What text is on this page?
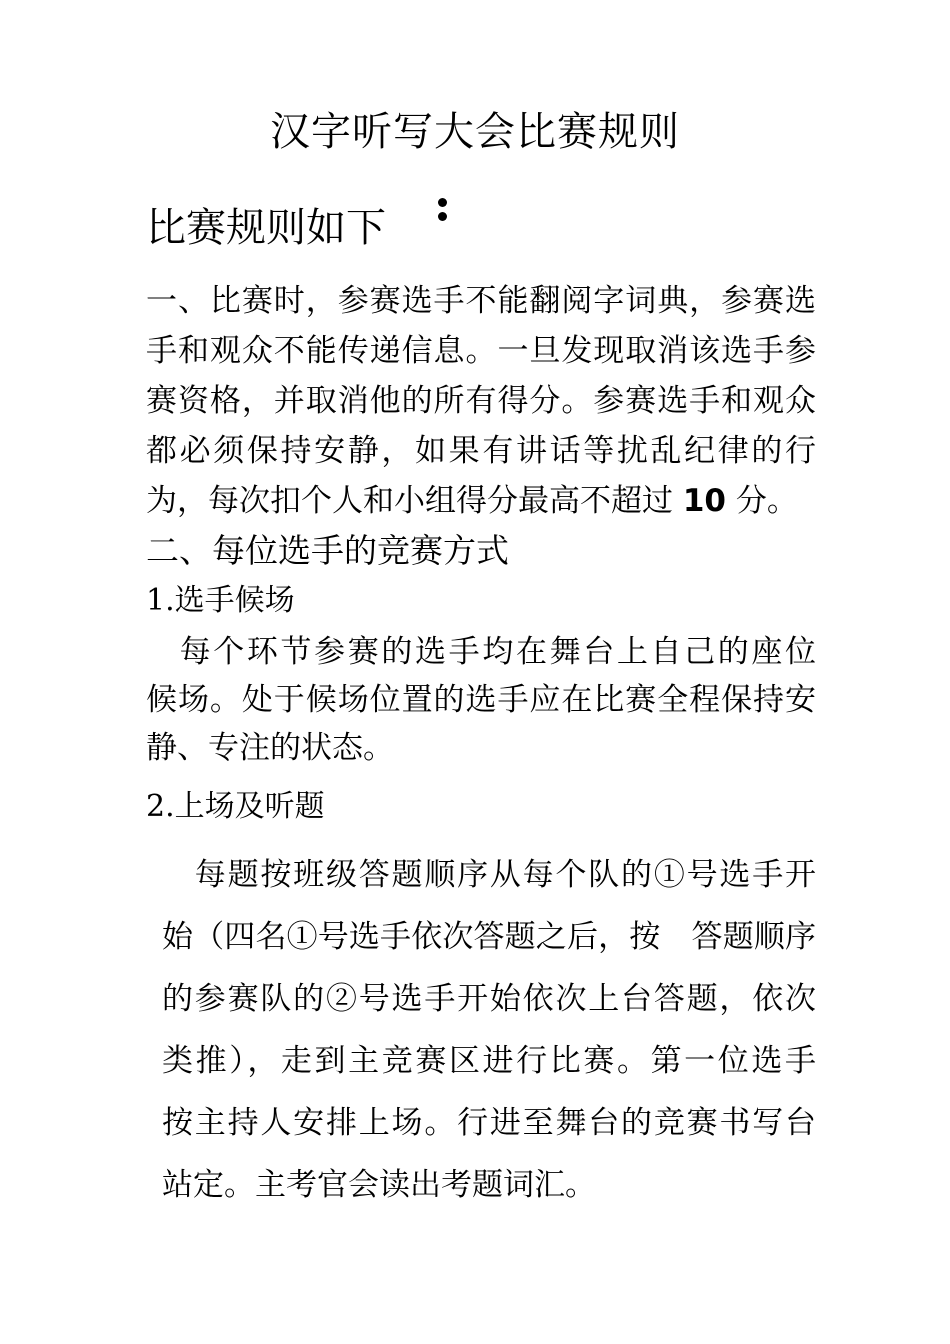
汉字听写大会比赛规则
比赛规则如下
一、比赛时，参赛选手不能翻阅字词典，参赛选
手和观众不能传递信息。一旦发现取消该选手参
赛资格，并取消他的所有得分。参赛选手和观众
都必须保持安静，如果有讲话等扰乱纪律的行
为，每次扣个人和小组得分最高不超过 10 分。
二、每位选手的竞赛方式
1.选手候场
　每个环节参赛的选手均在舞台上自己的座位
候场。处于候场位置的选手应在比赛全程保持安
静、专注的状态。
2.上场及听题
　每题按班级答题顺序从每个队的①号选手开
始（四名①号选手依次答题之后，按　答题顺序
的参赛队的②号选手开始依次上台答题，依次
类推），走到主竞赛区进行比赛。第一位选手
按主持人安排上场。行进至舞台的竞赛书写台
站定。主考官会读出考题词汇。
